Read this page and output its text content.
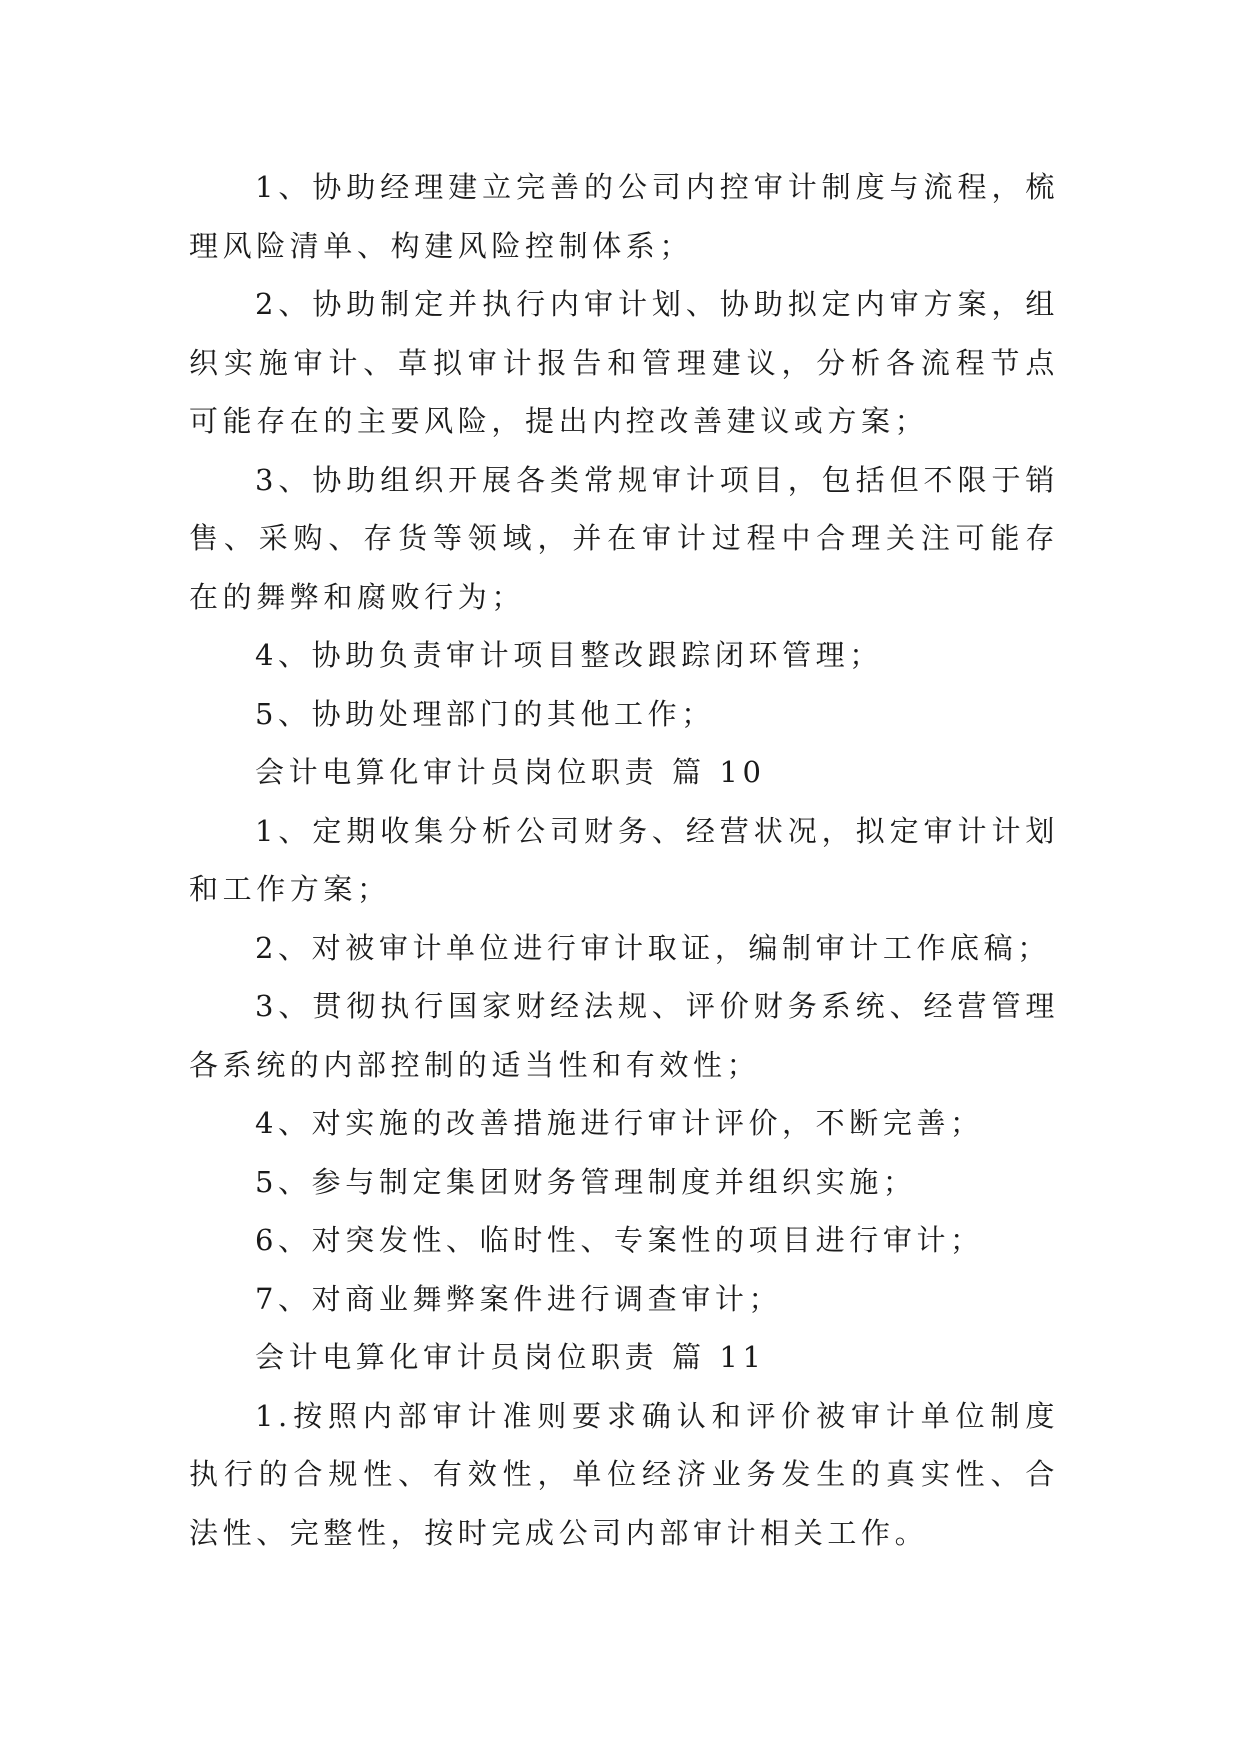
1、协助经理建立完善的公司内控审计制度与流程，梳理风险清单、构建风险控制体系；

2、协助制定并执行内审计划、协助拟定内审方案，组织实施审计、草拟审计报告和管理建议，分析各流程节点可能存在的主要风险，提出内控改善建议或方案；

3、协助组织开展各类常规审计项目，包括但不限于销售、采购、存货等领域，并在审计过程中合理关注可能存在的舞弊和腐败行为；

4、协助负责审计项目整改跟踪闭环管理；

5、协助处理部门的其他工作；

会计电算化审计员岗位职责 篇 10

1、定期收集分析公司财务、经营状况，拟定审计计划和工作方案；

2、对被审计单位进行审计取证，编制审计工作底稿；

3、贯彻执行国家财经法规、评价财务系统、经营管理各系统的内部控制的适当性和有效性；

4、对实施的改善措施进行审计评价，不断完善；

5、参与制定集团财务管理制度并组织实施；

6、对突发性、临时性、专案性的项目进行审计；

7、对商业舞弊案件进行调查审计；

会计电算化审计员岗位职责 篇 11

1.按照内部审计准则要求确认和评价被审计单位制度执行的合规性、有效性，单位经济业务发生的真实性、合法性、完整性，按时完成公司内部审计相关工作。
